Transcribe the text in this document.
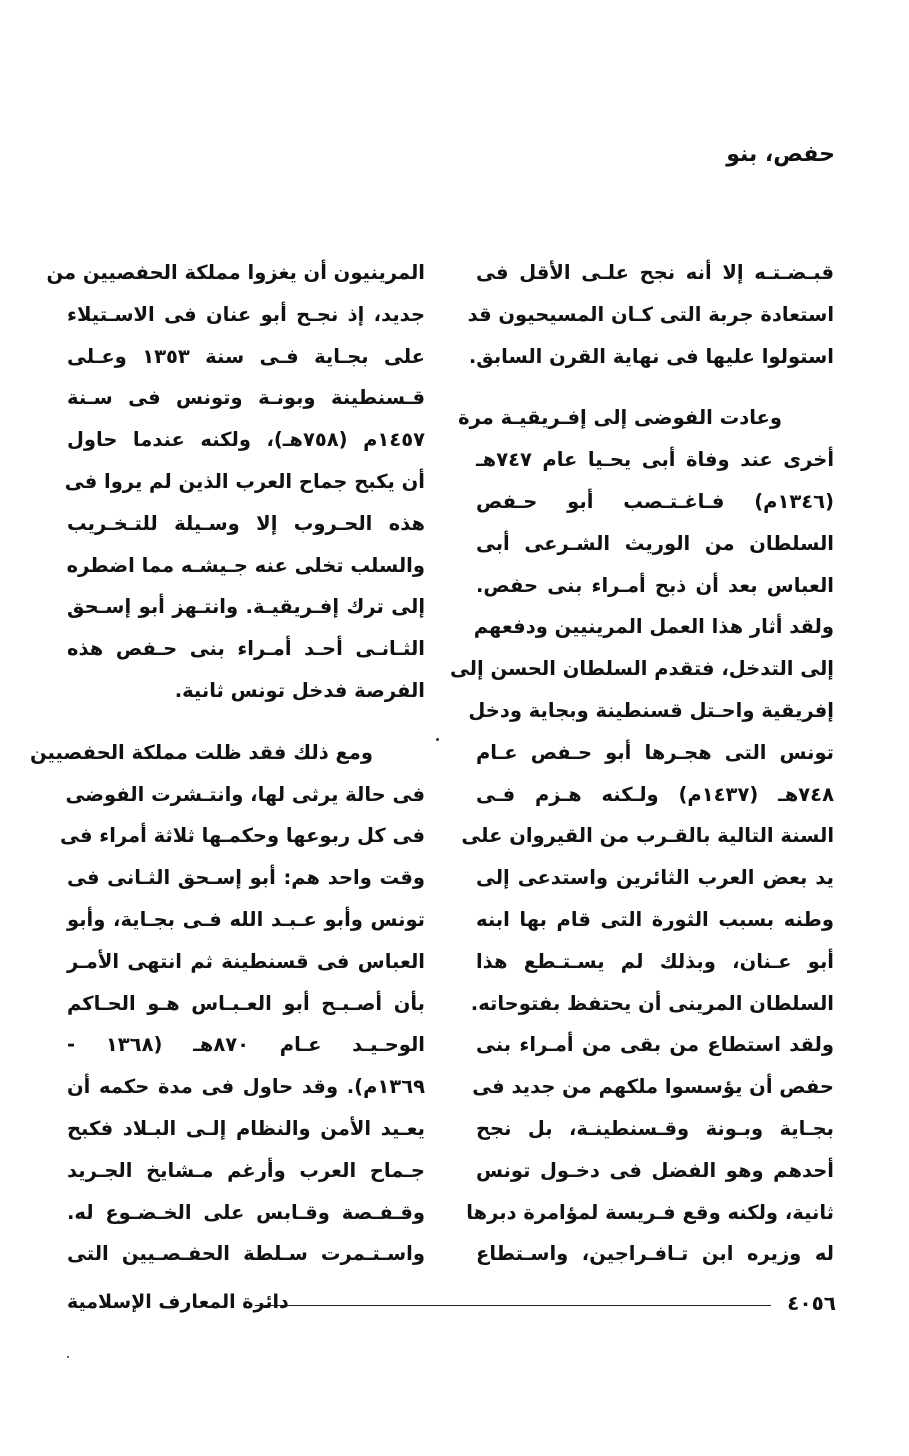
حفص، بنو

قبـضـتـه إلا أنه نجح علـى الأقل فى

استعادة جربة التى كـان المسيحيون قد

استولوا عليها فى نهاية القرن السابق.

وعادت الفوضى إلى إفـريقيـة مرة

أخرى عند وفاة أبى يحـيا عام ٧٤٧هـ

(١٣٤٦م) فـاغـتـصب أبو حـفص

السلطان من الوريث الشـرعى أبى

العباس بعد أن ذبح أمـراء بنى حفص.

ولقد أثار هذا العمل المرينيين ودفعهم

إلى التدخل، فتقدم السلطان الحسن إلى

إفريقية واحـتل قسنطينة وبجاية ودخل

تونس التى هجـرها أبو حـفص عـام

٧٤٨هـ (١٤٣٧م) ولـكنه هـزم فـى

السنة التالية بالقـرب من القيروان على

يد بعض العرب الثائرين واستدعى إلى

وطنه بسبب الثورة التى قام بها ابنه

أبو عـنان، وبذلك لم يسـتـطع هذا

السلطان المرينى أن يحتفظ بفتوحاته.

ولقد استطاع من بقى من أمـراء بنى

حفص أن يؤسسوا ملكهم من جديد فى

بجـاية وبـونة وقـسنطينـة، بل نجح

أحدهم وهو الفضل فى دخـول تونس

ثانية، ولكنه وقع فـريسة لمؤامرة دبرها

له وزيره ابن تـافـراجين، واسـتطاع

المرينيون أن يغزوا مملكة الحفصيين من

جديد، إذ نجـح أبو عنان فى الاسـتيلاء

على بجـاية فـى سنة ١٣٥٣ وعـلى

قـسنطينة وبونـة وتونس فى سـنة

١٤٥٧م (٧٥٨هـ)، ولكنه عندما حاول

أن يكبح جماح العرب الذين لم يروا فى

هذه الحـروب إلا وسـيلة للتـخـريب

والسلب تخلى عنه جـيشـه مما اضطره

إلى ترك إفـريقيـة. وانتـهز أبو إسـحق

الثـانـى أحـد أمـراء بنى حـفص هذه

الفرصة فدخل تونس ثانية.

ومع ذلك فقد ظلت مملكة الحفصيين

فى حالة يرثى لها، وانتـشرت الفوضى

فى كل ربوعها وحكمـها ثلاثة أمراء فى

وقت واحد هم: أبو إسـحق الثـانى فى

تونس وأبو عـبـد الله فـى بجـاية، وأبو

العباس فى قسنطينة ثم انتهى الأمـر

بأن أصـبـح أبو العـبـاس هـو الحـاكم

الوحـيـد عـام ٨٧٠هـ (١٣٦٨ -

١٣٦٩م). وقد حاول فى مدة حكمه أن

يعـيد الأمن والنظام إلـى البـلاد فكبح

جـماح العرب وأرغم مـشايخ الجـريد

وقـفـصة وقـابس على الخـضـوع له.

واسـتـمرت سـلطة الحفـصـيين التى

٤٠٥٦
دائرة المعارف الإسلامية
